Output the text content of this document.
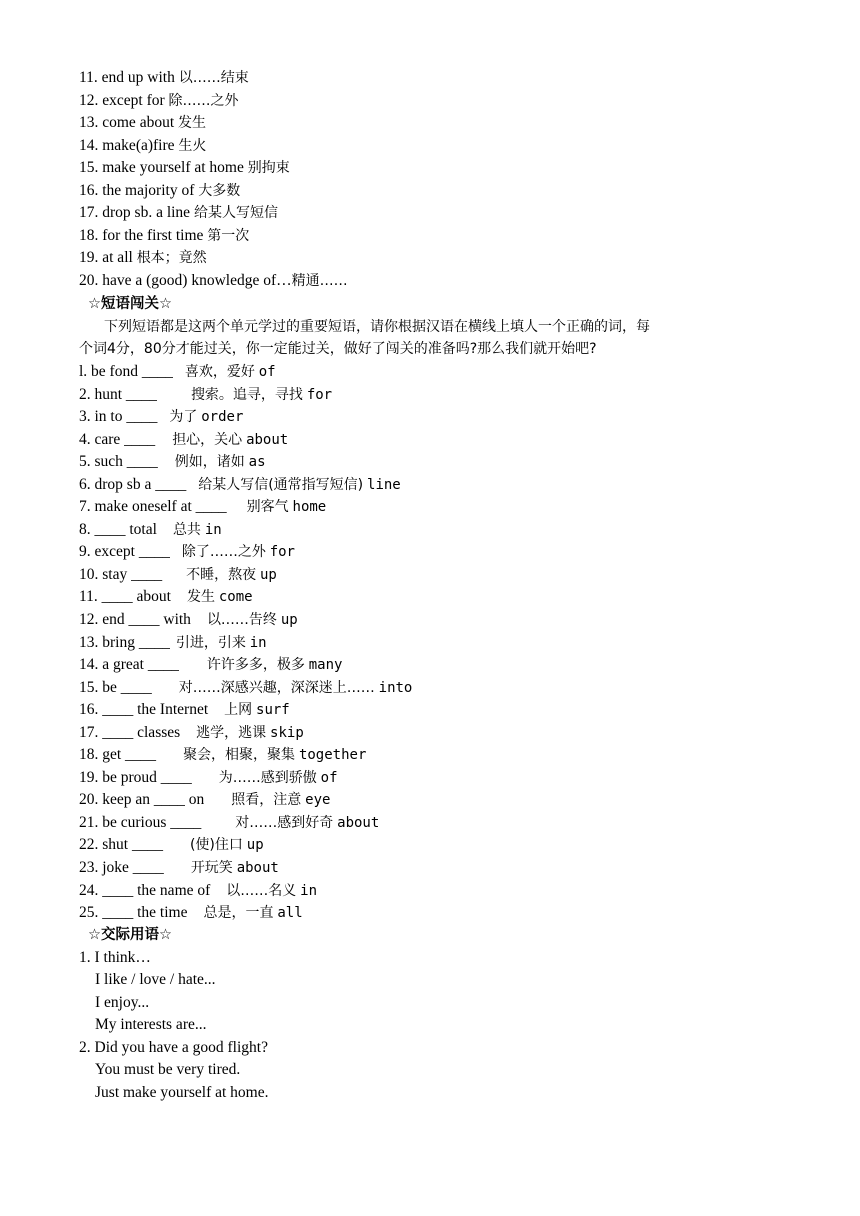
11. end up with 以……结束
12. except for 除……之外
13. come about 发生
14. make(a)fire 生火
15. make yourself at home 别拘束
16. the majority of 大多数
17. drop sb. a line 给某人写短信
18. for the first time 第一次
19. at all 根本；竟然
20. have a (good) knowledge of…精通……
☆短语闯关☆
下列短语都是这两个单元学过的重要短语，请你根据汉语在横线上填人一个正确的词，每
个词4分，80分才能过关，你一定能过关，做好了闯关的准备吗?那么我们就开始吧?
l. be fond ____ 喜欢，爱好 of
2. hunt ____ 搜索。追寻，寻找 for
3. in to ____ 为了 order
4. care ____ 担心，关心 about
5. such ____ 例如，诸如 as
6. drop sb a ____ 给某人写信(通常指写短信) line
7. make oneself at ____ 别客气 home
8. ____ total 总共 in
9. except ____ 除了……之外 for
10. stay ____ 不睡，熬夜 up
11. ____ about 发生 come
12. end ____ with 以……告终 up
13. bring ____ 引进，引来 in
14. a great ____ 许许多多，极多 many
15. be ____ 对……深感兴趣，深深迷上…… into
16. ____ the Internet 上网 surf
17. ____ classes 逃学，逃课 skip
18. get ____ 聚会，相聚，聚集 together
19. be proud ____ 为……感到骄傲 of
20. keep an ____ on 照看，注意 eye
21. be curious ____ 对……感到好奇 about
22. shut ____ (使)住口 up
23. joke ____ 开玩笑 about
24. ____ the name of 以……名义 in
25. ____ the time 总是，一直 all
☆交际用语☆
1. I think…
I like / love / hate...
I enjoy...
My interests are...
2. Did you have a good flight?
You must be very tired.
Just make yourself at home.
